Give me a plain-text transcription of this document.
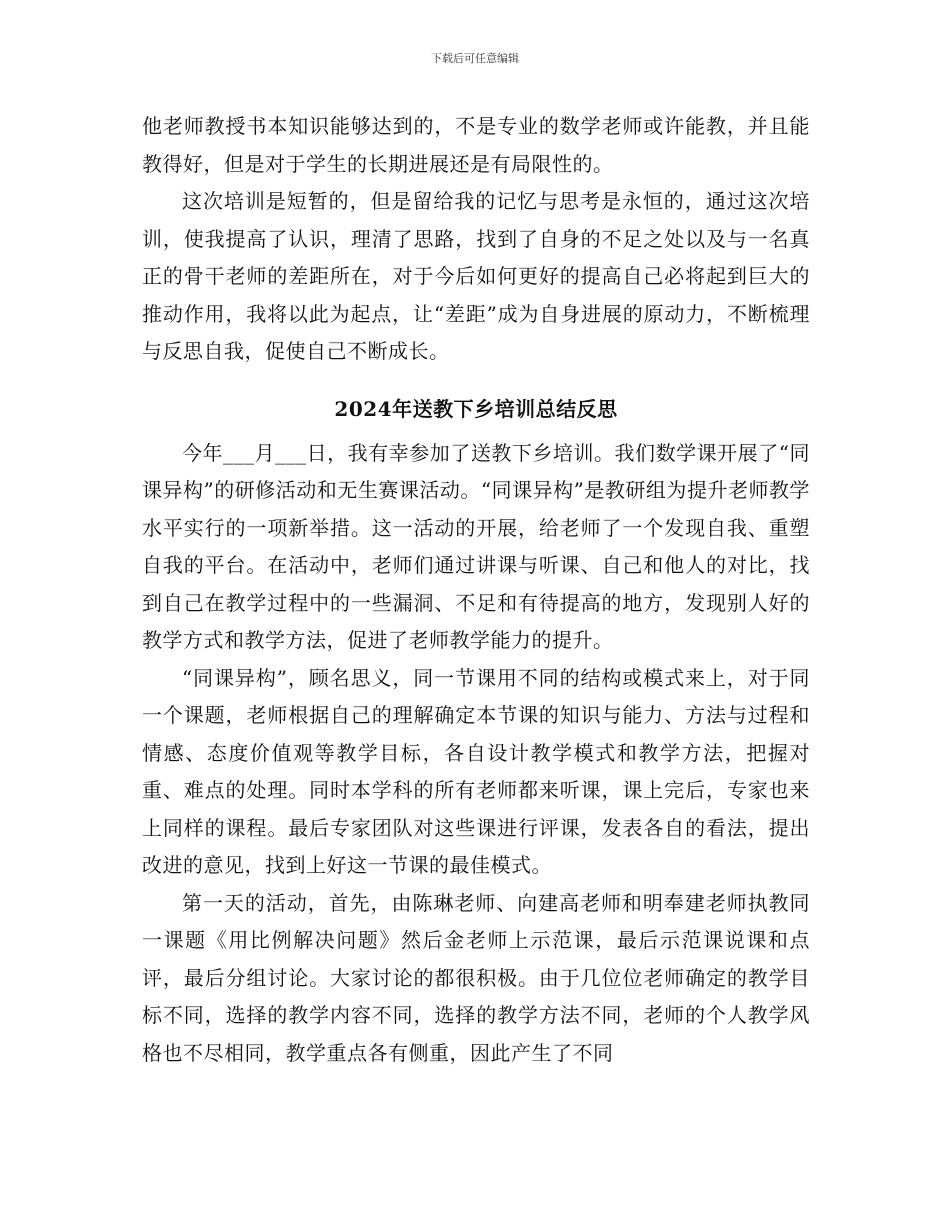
下载后可任意编辑

他老师教授书本知识能够达到的，不是专业的数学老师或许能教，并且能教得好，但是对于学生的长期进展还是有局限性的。

这次培训是短暂的，但是留给我的记忆与思考是永恒的，通过这次培训，使我提高了认识，理清了思路，找到了自身的不足之处以及与一名真正的骨干老师的差距所在，对于今后如何更好的提高自己必将起到巨大的推动作用，我将以此为起点，让“差距”成为自身进展的原动力，不断梳理与反思自我，促使自己不断成长。

2024年送教下乡培训总结反思

今年___月___日，我有幸参加了送教下乡培训。我们数学课开展了“同课异构”的研修活动和无生赛课活动。“同课异构”是教研组为提升老师教学水平实行的一项新举措。这一活动的开展，给老师了一个发现自我、重塑自我的平台。在活动中，老师们通过讲课与听课、自己和他人的对比，找到自己在教学过程中的一些漏洞、不足和有待提高的地方，发现别人好的教学方式和教学方法，促进了老师教学能力的提升。

“同课异构”，顾名思义，同一节课用不同的结构或模式来上，对于同一个课题，老师根据自己的理解确定本节课的知识与能力、方法与过程和情感、态度价值观等教学目标，各自设计教学模式和教学方法，把握对重、难点的处理。同时本学科的所有老师都来听课，课上完后，专家也来上同样的课程。最后专家团队对这些课进行评课，发表各自的看法，提出改进的意见，找到上好这一节课的最佳模式。

第一天的活动，首先，由陈琳老师、向建高老师和明奉建老师执教同一课题《用比例解决问题》然后金老师上示范课，最后示范课说课和点评，最后分组讨论。大家讨论的都很积极。由于几位位老师确定的教学目标不同，选择的教学内容不同，选择的教学方法不同，老师的个人教学风格也不尽相同，教学重点各有侧重，因此产生了不同
